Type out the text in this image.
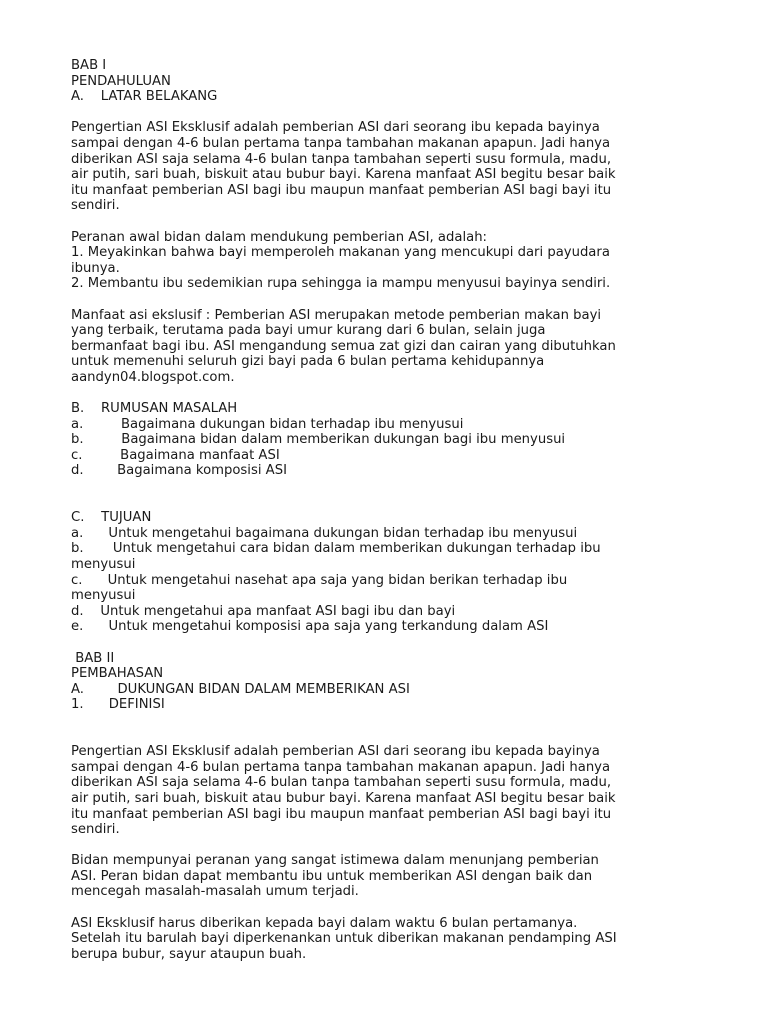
BAB I
PENDAHULUAN
A.    LATAR BELAKANG
Pengertian ASI Eksklusif adalah pemberian ASI dari seorang ibu kepada bayinya
sampai dengan 4-6 bulan pertama tanpa tambahan makanan apapun. Jadi hanya
diberikan ASI saja selama 4-6 bulan tanpa tambahan seperti susu formula, madu,
air putih, sari buah, biskuit atau bubur bayi. Karena manfaat ASI begitu besar baik
itu manfaat pemberian ASI bagi ibu maupun manfaat pemberian ASI bagi bayi itu
sendiri.
Peranan awal bidan dalam mendukung pemberian ASI, adalah:
1. Meyakinkan bahwa bayi memperoleh makanan yang mencukupi dari payudara
ibunya.
2. Membantu ibu sedemikian rupa sehingga ia mampu menyusui bayinya sendiri.
Manfaat asi ekslusif : Pemberian ASI merupakan metode pemberian makan bayi
yang terbaik, terutama pada bayi umur kurang dari 6 bulan, selain juga
bermanfaat bagi ibu. ASI mengandung semua zat gizi dan cairan yang dibutuhkan
untuk memenuhi seluruh gizi bayi pada 6 bulan pertama kehidupannya
aandyn04.blogspot.com.
B.    RUMUSAN MASALAH
a.         Bagaimana dukungan bidan terhadap ibu menyusui
b.         Bagaimana bidan dalam memberikan dukungan bagi ibu menyusui
c.         Bagaimana manfaat ASI
d.        Bagaimana komposisi ASI
C.    TUJUAN
a.      Untuk mengetahui bagaimana dukungan bidan terhadap ibu menyusui
b.       Untuk mengetahui cara bidan dalam memberikan dukungan terhadap ibu
menyusui
c.      Untuk mengetahui nasehat apa saja yang bidan berikan terhadap ibu
menyusui
d.    Untuk mengetahui apa manfaat ASI bagi ibu dan bayi
e.      Untuk mengetahui komposisi apa saja yang terkandung dalam ASI
BAB II
PEMBAHASAN
A.        DUKUNGAN BIDAN DALAM MEMBERIKAN ASI
1.      DEFINISI
Pengertian ASI Eksklusif adalah pemberian ASI dari seorang ibu kepada bayinya
sampai dengan 4-6 bulan pertama tanpa tambahan makanan apapun. Jadi hanya
diberikan ASI saja selama 4-6 bulan tanpa tambahan seperti susu formula, madu,
air putih, sari buah, biskuit atau bubur bayi. Karena manfaat ASI begitu besar baik
itu manfaat pemberian ASI bagi ibu maupun manfaat pemberian ASI bagi bayi itu
sendiri.
Bidan mempunyai peranan yang sangat istimewa dalam menunjang pemberian
ASI. Peran bidan dapat membantu ibu untuk memberikan ASI dengan baik dan
mencegah masalah-masalah umum terjadi.
ASI Eksklusif harus diberikan kepada bayi dalam waktu 6 bulan pertamanya.
Setelah itu barulah bayi diperkenankan untuk diberikan makanan pendamping ASI
berupa bubur, sayur ataupun buah.
